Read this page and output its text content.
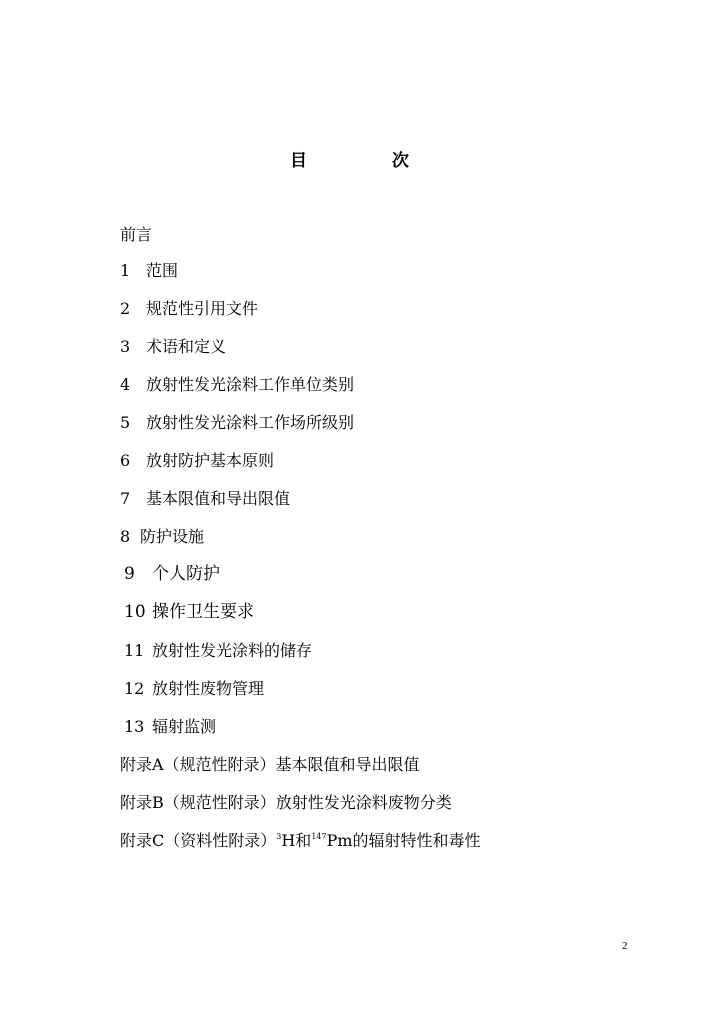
目	次
前言
1 范围
2 规范性引用文件
3 术语和定义
4 放射性发光涂料工作单位类别
5 放射性发光涂料工作场所级别
6 放射防护基本原则
7 基本限值和导出限值
8 防护设施
9 个人防护
10 操作卫生要求
11 放射性发光涂料的储存
12 放射性废物管理
13 辐射监测
附录A（规范性附录）基本限值和导出限值
附录B（规范性附录）放射性发光涂料废物分类
附录C（资料性附录）$^3$H和$^{147}$Pm的辐射特性和毒性
2
